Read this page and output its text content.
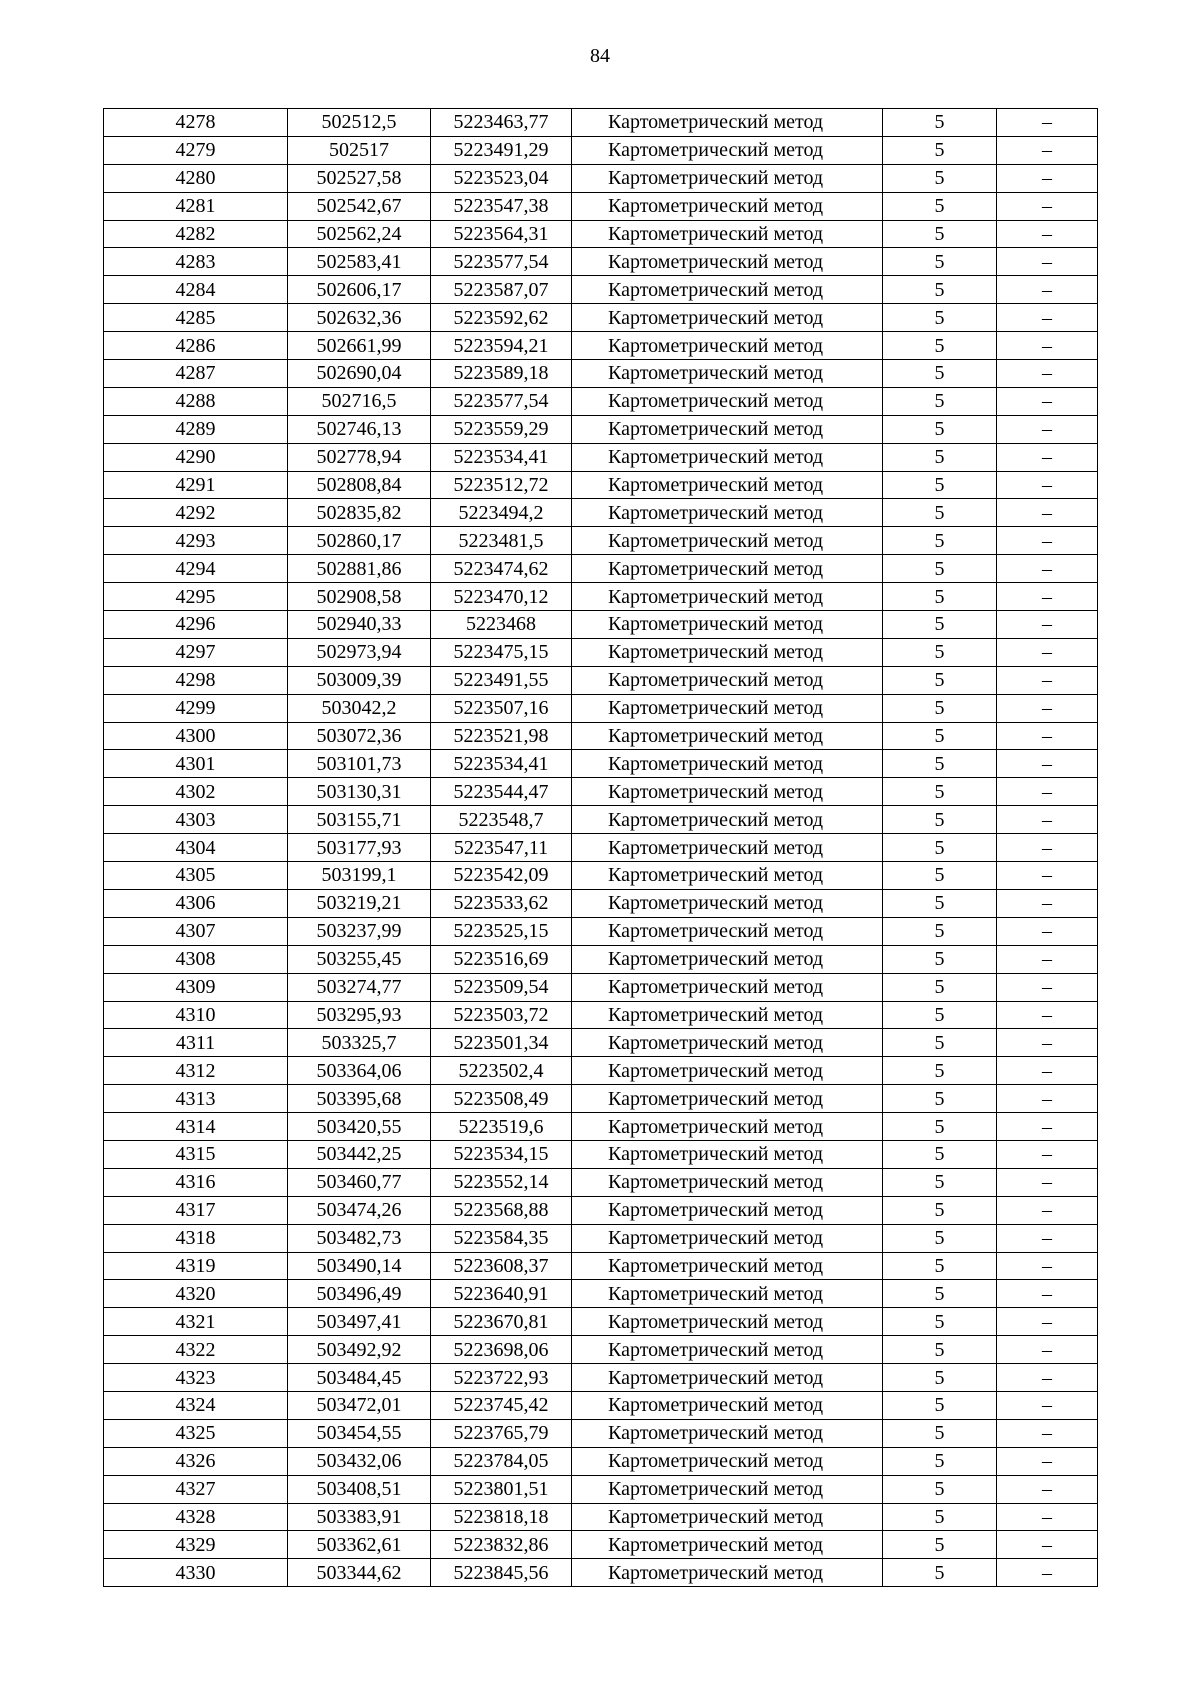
84
4278	502512,5	5223463,77	Картометрический метод	5	–
4279	502517	5223491,29	Картометрический метод	5	–
4280	502527,58	5223523,04	Картометрический метод	5	–
4281	502542,67	5223547,38	Картометрический метод	5	–
4282	502562,24	5223564,31	Картометрический метод	5	–
4283	502583,41	5223577,54	Картометрический метод	5	–
4284	502606,17	5223587,07	Картометрический метод	5	–
4285	502632,36	5223592,62	Картометрический метод	5	–
4286	502661,99	5223594,21	Картометрический метод	5	–
4287	502690,04	5223589,18	Картометрический метод	5	–
4288	502716,5	5223577,54	Картометрический метод	5	–
4289	502746,13	5223559,29	Картометрический метод	5	–
4290	502778,94	5223534,41	Картометрический метод	5	–
4291	502808,84	5223512,72	Картометрический метод	5	–
4292	502835,82	5223494,2	Картометрический метод	5	–
4293	502860,17	5223481,5	Картометрический метод	5	–
4294	502881,86	5223474,62	Картометрический метод	5	–
4295	502908,58	5223470,12	Картометрический метод	5	–
4296	502940,33	5223468	Картометрический метод	5	–
4297	502973,94	5223475,15	Картометрический метод	5	–
4298	503009,39	5223491,55	Картометрический метод	5	–
4299	503042,2	5223507,16	Картометрический метод	5	–
4300	503072,36	5223521,98	Картометрический метод	5	–
4301	503101,73	5223534,41	Картометрический метод	5	–
4302	503130,31	5223544,47	Картометрический метод	5	–
4303	503155,71	5223548,7	Картометрический метод	5	–
4304	503177,93	5223547,11	Картометрический метод	5	–
4305	503199,1	5223542,09	Картометрический метод	5	–
4306	503219,21	5223533,62	Картометрический метод	5	–
4307	503237,99	5223525,15	Картометрический метод	5	–
4308	503255,45	5223516,69	Картометрический метод	5	–
4309	503274,77	5223509,54	Картометрический метод	5	–
4310	503295,93	5223503,72	Картометрический метод	5	–
4311	503325,7	5223501,34	Картометрический метод	5	–
4312	503364,06	5223502,4	Картометрический метод	5	–
4313	503395,68	5223508,49	Картометрический метод	5	–
4314	503420,55	5223519,6	Картометрический метод	5	–
4315	503442,25	5223534,15	Картометрический метод	5	–
4316	503460,77	5223552,14	Картометрический метод	5	–
4317	503474,26	5223568,88	Картометрический метод	5	–
4318	503482,73	5223584,35	Картометрический метод	5	–
4319	503490,14	5223608,37	Картометрический метод	5	–
4320	503496,49	5223640,91	Картометрический метод	5	–
4321	503497,41	5223670,81	Картометрический метод	5	–
4322	503492,92	5223698,06	Картометрический метод	5	–
4323	503484,45	5223722,93	Картометрический метод	5	–
4324	503472,01	5223745,42	Картометрический метод	5	–
4325	503454,55	5223765,79	Картометрический метод	5	–
4326	503432,06	5223784,05	Картометрический метод	5	–
4327	503408,51	5223801,51	Картометрический метод	5	–
4328	503383,91	5223818,18	Картометрический метод	5	–
4329	503362,61	5223832,86	Картометрический метод	5	–
4330	503344,62	5223845,56	Картометрический метод	5	–
